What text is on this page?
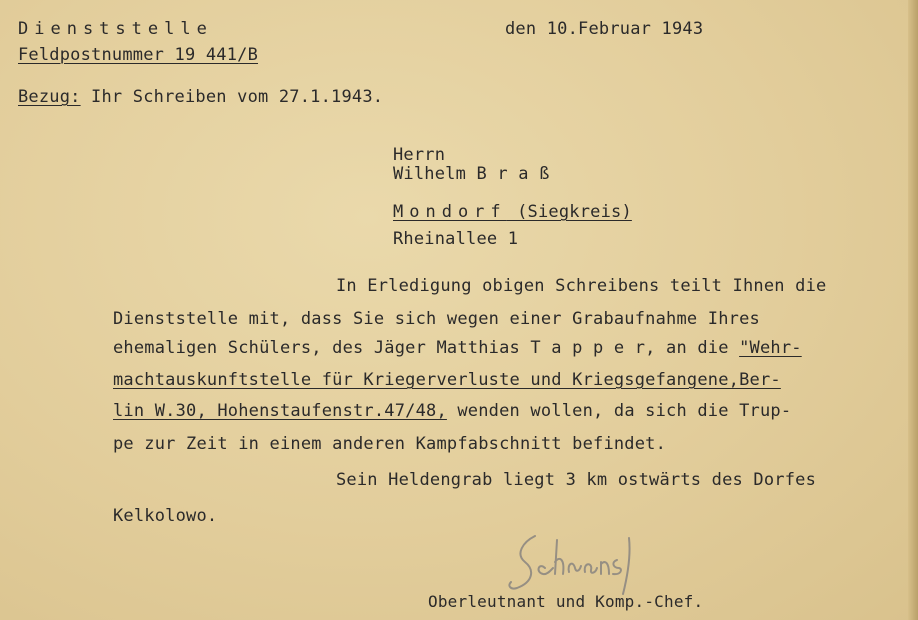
Dienststelle
Feldpostnummer 19 441/B
den 10.Februar 1943
Bezug: Ihr Schreiben vom 27.1.1943.
Herrn
Wilhelm B r a ß
Mondorf (Siegkreis)
Rheinallee 1
In Erledigung obigen Schreibens teilt Ihnen die
Dienststelle mit, dass Sie sich wegen einer Grabaufnahme Ihres
ehemaligen Schülers, des Jäger Matthias T a p p e r, an die "Wehr-
machtauskunftstelle für Kriegerverluste und Kriegsgefangene,Ber-
lin W.30, Hohenstaufenstr.47/48, wenden wollen, da sich die Trup-
pe zur Zeit in einem anderen Kampfabschnitt befindet.
Sein Heldengrab liegt 3 km ostwärts des Dorfes
Kelkolowo.
Oberleutnant und Komp.-Chef.
